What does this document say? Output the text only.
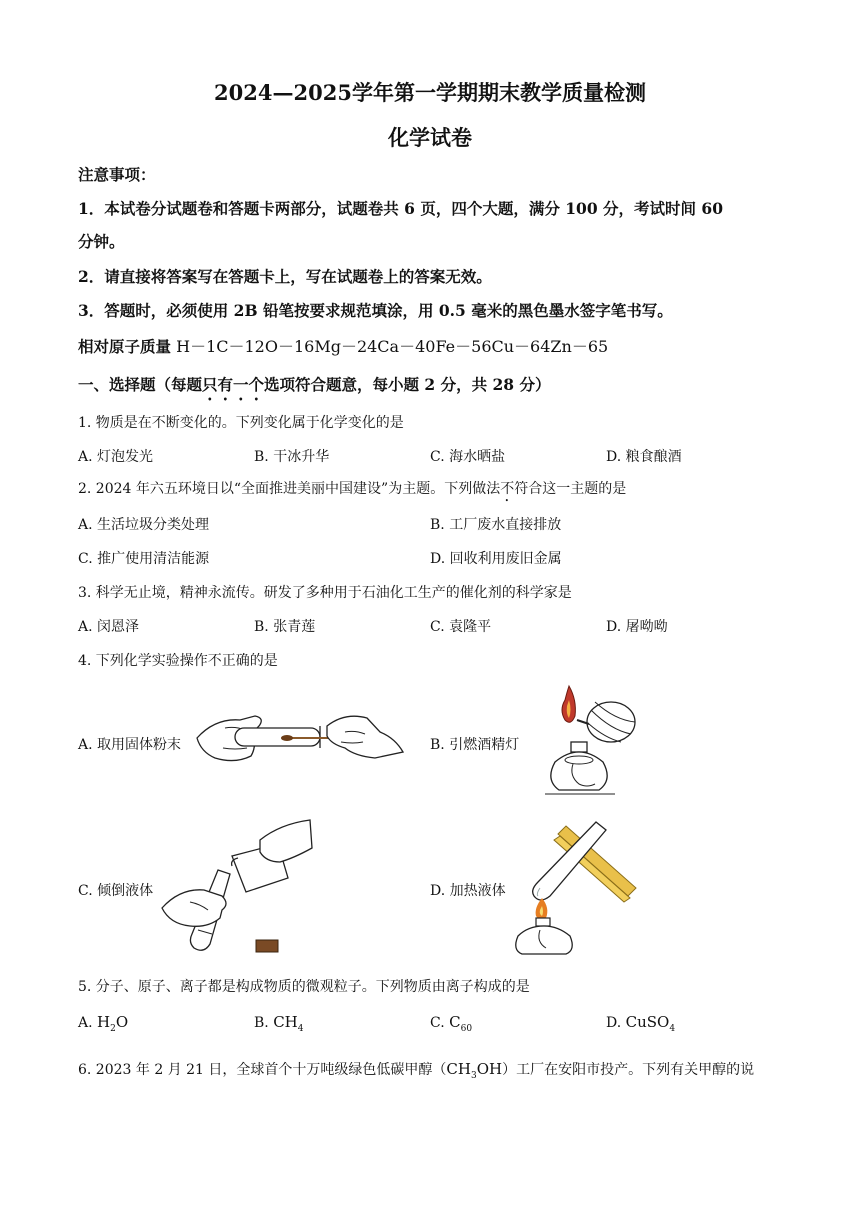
2024—2025学年第一学期期末教学质量检测
化学试卷
注意事项：
1．本试卷分试题卷和答题卡两部分，试题卷共 6 页，四个大题，满分 100 分，考试时间 60
分钟。
2．请直接将答案写在答题卡上，写在试题卷上的答案无效。
3．答题时，必须使用 2B 铅笔按要求规范填涂，用 0.5 毫米的黑色墨水签字笔书写。
相对原子质量 H－1C－12O－16Mg－24Ca－40Fe－56Cu－64Zn－65
一、选择题（每题只有一个选项符合题意，每小题 2 分，共 28 分）
1. 物质是在不断变化的。下列变化属于化学变化的是
A. 灯泡发光	B. 干冰升华	C. 海水晒盐	D. 粮食酿酒
2. 2024 年六五环境日以“全面推进美丽中国建设”为主题。下列做法不符合这一主题的是
A. 生活垃圾分类处理	B. 工厂废水直接排放
C. 推广使用清洁能源	D. 回收利用废旧金属
3. 科学无止境，精神永流传。研发了多种用于石油化工生产的催化剂的科学家是
A. 闵恩泽	B. 张青莲	C. 袁隆平	D. 屠呦呦
4. 下列化学实验操作不正确的是
A. 取用固体粉末	B. 引燃酒精灯
C. 倾倒液体	D. 加热液体
5. 分子、原子、离子都是构成物质的微观粒子。下列物质由离子构成的是
A. $H_2O$	B. $CH_4$	C. $C_{60}$	D. CuSO$_4$
6. 2023 年 2 月 21 日，全球首个十万吨级绿色低碳甲醇$(CH_3OH)$工厂在安阳市投产。下列有关甲醇的说
